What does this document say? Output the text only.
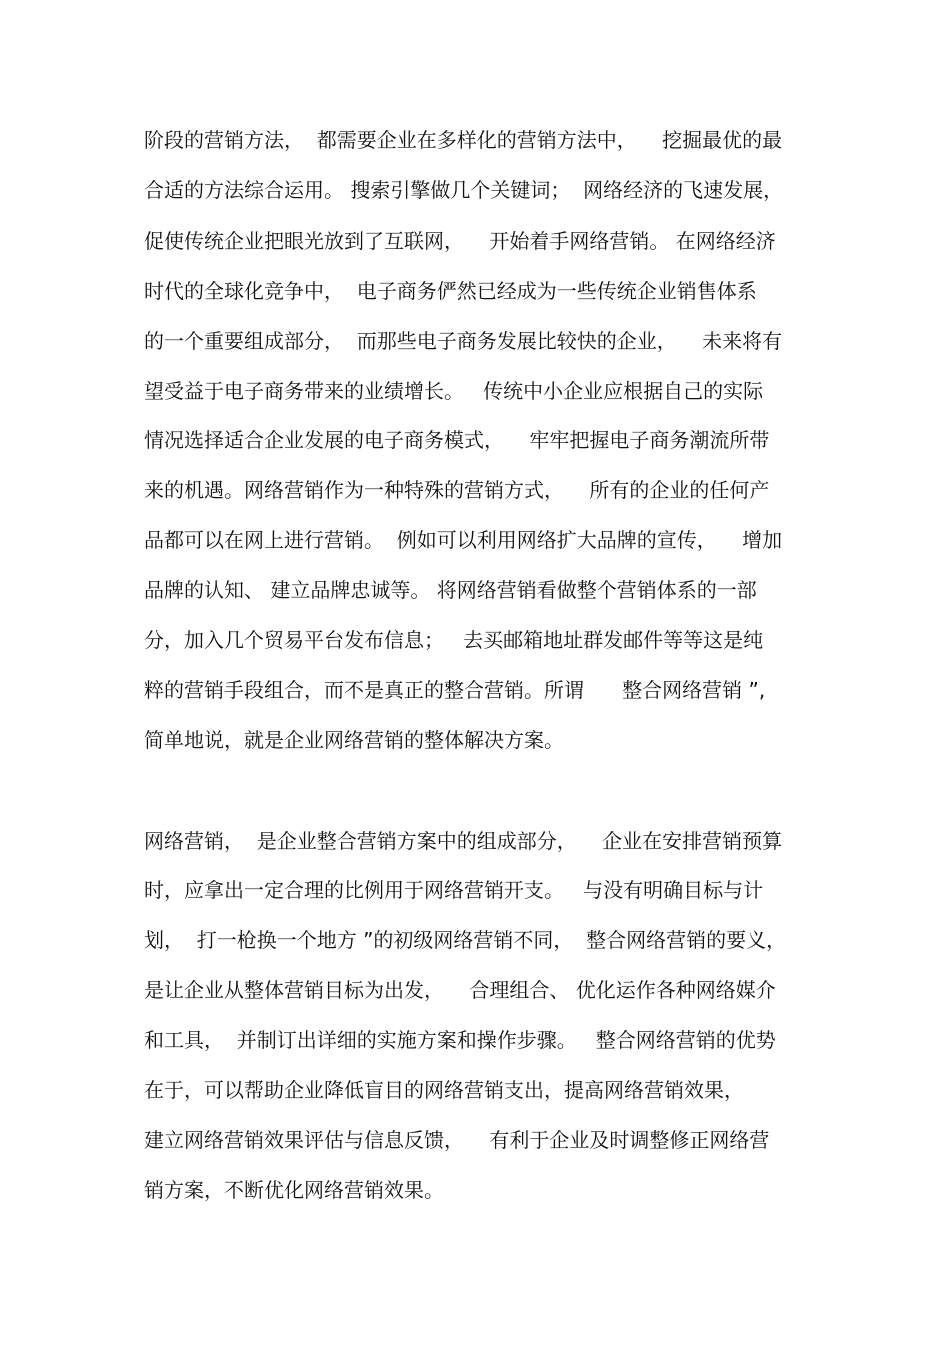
阶段的营销方法，  都需要企业在多样化的营销方法中，    挖掘最优的最
合适的方法综合运用。 搜索引擎做几个关键词；  网络经济的飞速发展，
促使传统企业把眼光放到了互联网，    开始着手网络营销。 在网络经济
时代的全球化竞争中，  电子商务俨然已经成为一些传统企业销售体系
的一个重要组成部分，  而那些电子商务发展比较快的企业，    未来将有
望受益于电子商务带来的业绩增长。   传统中小企业应根据自己的实际
情况选择适合企业发展的电子商务模式，    牢牢把握电子商务潮流所带
来的机遇。网络营销作为一种特殊的营销方式，    所有的企业的任何产
品都可以在网上进行营销。  例如可以利用网络扩大品牌的宣传，    增加
品牌的认知、 建立品牌忠诚等。 将网络营销看做整个营销体系的一部
分，加入几个贸易平台发布信息；   去买邮箱地址群发邮件等等这是纯
粹的营销手段组合，而不是真正的整合营销。所谓      整合网络营销 ”,
简单地说，就是企业网络营销的整体解决方案。
网络营销，  是企业整合营销方案中的组成部分，    企业在安排营销预算
时，应拿出一定合理的比例用于网络营销开支。   与没有明确目标与计
划，  打一枪换一个地方 ”的初级网络营销不同，  整合网络营销的要义，
是让企业从整体营销目标为出发，    合理组合、 优化运作各种网络媒介
和工具，  并制订出详细的实施方案和操作步骤。   整合网络营销的优势
在于，可以帮助企业降低盲目的网络营销支出，提高网络营销效果，
建立网络营销效果评估与信息反馈，    有利于企业及时调整修正网络营
销方案，不断优化网络营销效果。
